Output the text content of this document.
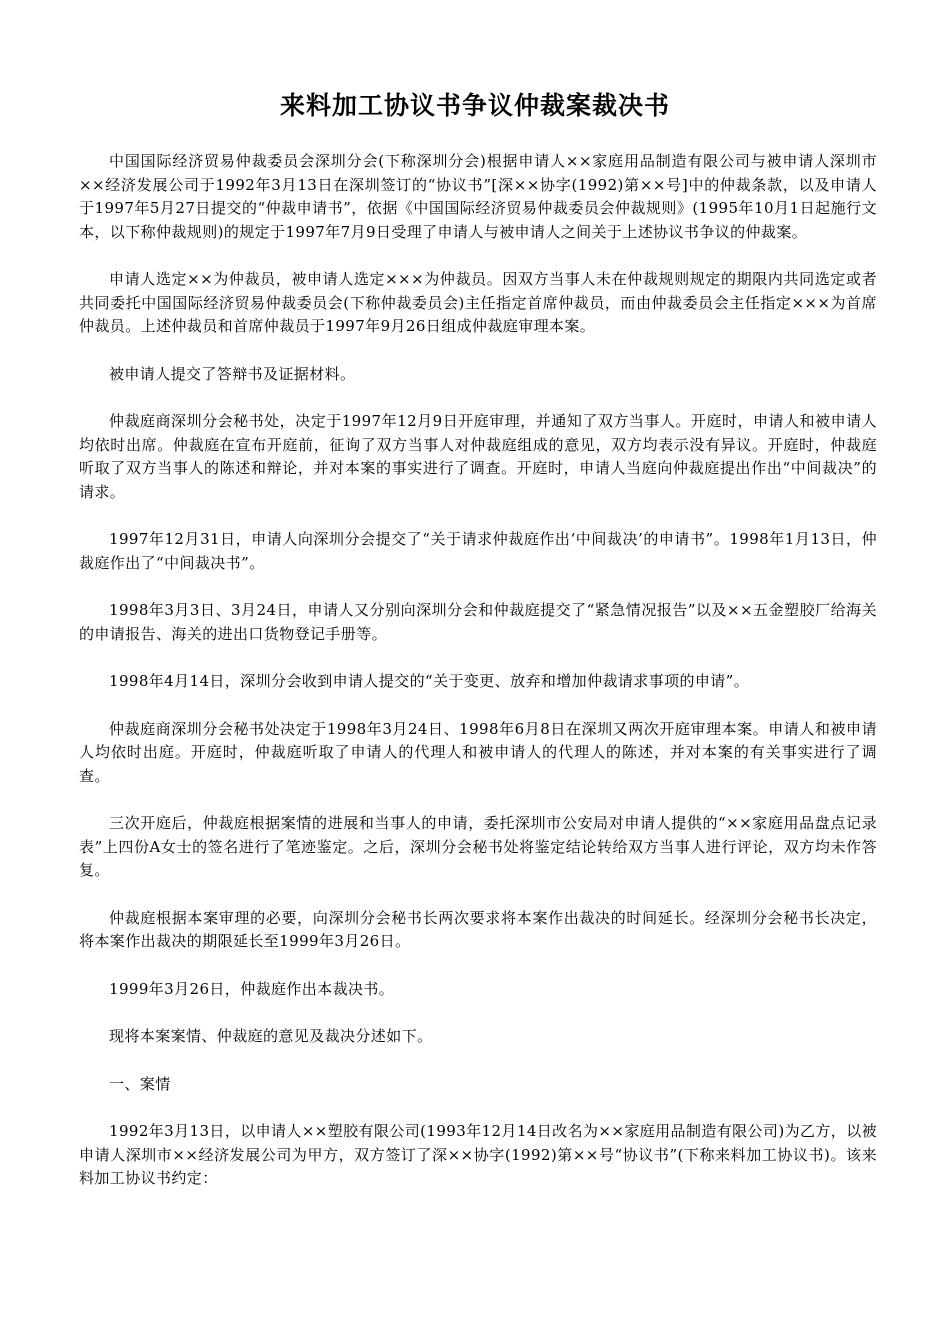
来料加工协议书争议仲裁案裁决书

中国国际经济贸易仲裁委员会深圳分会(下称深圳分会)根据申请人××家庭用品制造有限公司与被申请人深圳市××经济发展公司于1992年3月13日在深圳签订的“协议书”[深××协字(1992)第××号]中的仲裁条款，以及申请人于1997年5月27日提交的“仲裁申请书”，依据《中国国际经济贸易仲裁委员会仲裁规则》(1995年10月1日起施行文本，以下称仲裁规则)的规定于1997年7月9日受理了申请人与被申请人之间关于上述协议书争议的仲裁案。

申请人选定××为仲裁员，被申请人选定×××为仲裁员。因双方当事人未在仲裁规则规定的期限内共同选定或者共同委托中国国际经济贸易仲裁委员会(下称仲裁委员会)主任指定首席仲裁员，而由仲裁委员会主任指定×××为首席仲裁员。上述仲裁员和首席仲裁员于1997年9月26日组成仲裁庭审理本案。

被申请人提交了答辩书及证据材料。

仲裁庭商深圳分会秘书处，决定于1997年12月9日开庭审理，并通知了双方当事人。开庭时，申请人和被申请人均依时出席。仲裁庭在宣布开庭前，征询了双方当事人对仲裁庭组成的意见，双方均表示没有异议。开庭时，仲裁庭听取了双方当事人的陈述和辩论，并对本案的事实进行了调查。开庭时，申请人当庭向仲裁庭提出作出“中间裁决”的请求。

1997年12月31日，申请人向深圳分会提交了“关于请求仲裁庭作出‘中间裁决’的申请书”。1998年1月13日，仲裁庭作出了“中间裁决书”。

1998年3月3日、3月24日，申请人又分别向深圳分会和仲裁庭提交了“紧急情况报告”以及××五金塑胶厂给海关的申请报告、海关的进出口货物登记手册等。

1998年4月14日，深圳分会收到申请人提交的“关于变更、放弃和增加仲裁请求事项的申请”。

仲裁庭商深圳分会秘书处决定于1998年3月24日、1998年6月8日在深圳又两次开庭审理本案。申请人和被申请人均依时出庭。开庭时，仲裁庭听取了申请人的代理人和被申请人的代理人的陈述，并对本案的有关事实进行了调查。

三次开庭后，仲裁庭根据案情的进展和当事人的申请，委托深圳市公安局对申请人提供的“××家庭用品盘点记录表”上四份A女士的签名进行了笔迹鉴定。之后，深圳分会秘书处将鉴定结论转给双方当事人进行评论，双方均未作答复。

仲裁庭根据本案审理的必要，向深圳分会秘书长两次要求将本案作出裁决的时间延长。经深圳分会秘书长决定，将本案作出裁决的期限延长至1999年3月26日。

1999年3月26日，仲裁庭作出本裁决书。

现将本案案情、仲裁庭的意见及裁决分述如下。

一、案情

1992年3月13日，以申请人××塑胶有限公司(1993年12月14日改名为××家庭用品制造有限公司)为乙方，以被申请人深圳市××经济发展公司为甲方，双方签订了深××协字(1992)第××号“协议书”(下称来料加工协议书)。该来料加工协议书约定：
